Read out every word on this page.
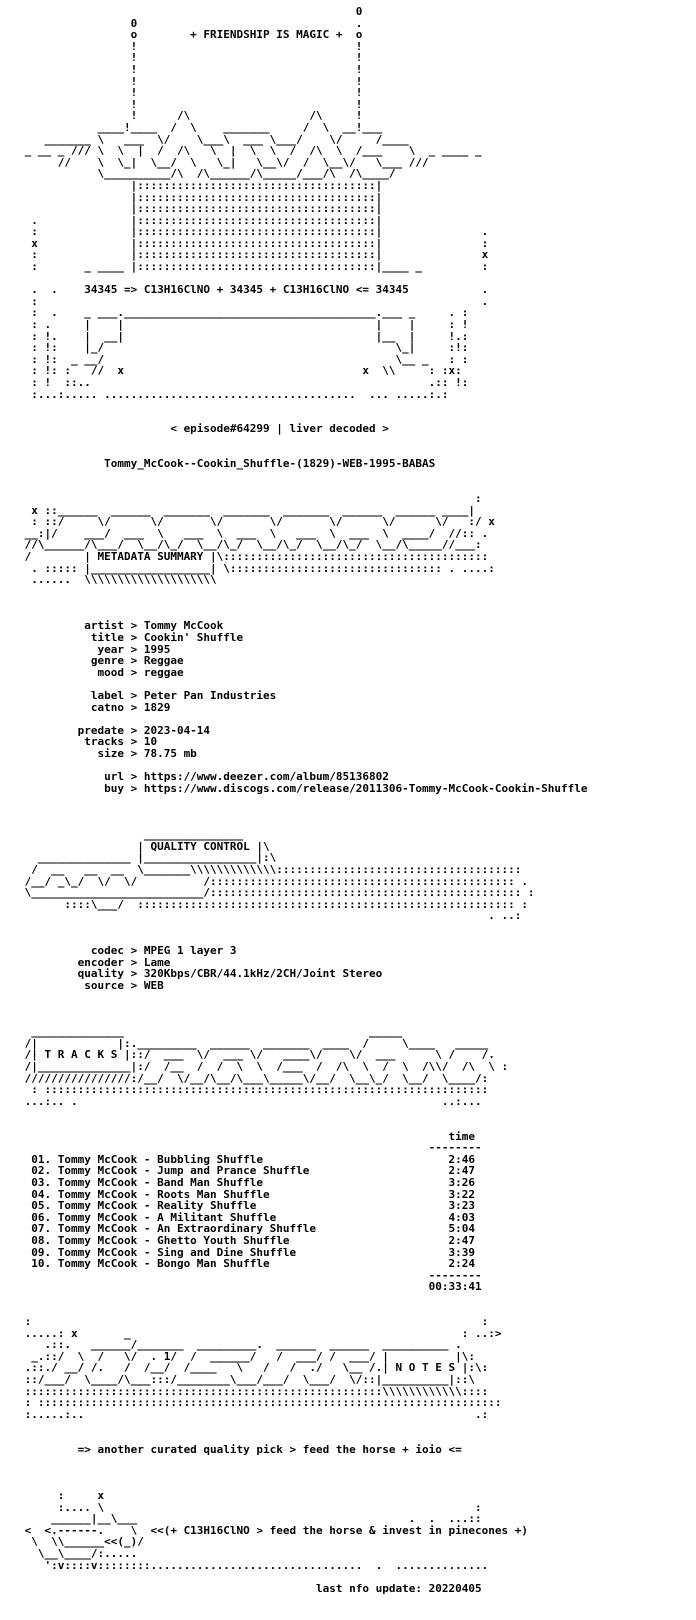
0
0                                 .
o        + FRIENDSHIP IS MAGIC +  o
!                                 !
!                                 !
!                                 !
!                                 !
!                                 !
!                                 !
!      /\                  /\     !
____!____  /  \    _______     /  \  __!___
_______ \   ___  \/    \___\  ___ \___/    \/     /____
_ __ _ /// \  \  |  /  /\   \  |  \  \  /  /\  \  /___    \  _ ____ _
//    \  \_|  \__/  \   \_|   \__\/  /  \__\/   \___ ///
\__________/\  /\______/\_____/___/\  /\____/
|::::::::::::::::::::::::::::::::::::|
|::::::::::::::::::::::::::::::::::::|
|::::::::::::::::::::::::::::::::::::|
.              |::::::::::::::::::::::::::::::::::::|
:              |::::::::::::::::::::::::::::::::::::|               .
x              |::::::::::::::::::::::::::::::::::::|               :
:              |::::::::::::::::::::::::::::::::::::|               x
:       _ ____ |::::::::::::::::::::::::::::::::::::|____ _         :
.  .    34345 => C13H16ClNO + 34345 + C13H16ClNO <= 34345           .
:                                                                   .
:  .    _ ___.______________________________________.___ _     . :
: .     |    |                                      |    |     : !
: !.    |  __|                                      |__  |     !.:
: !:    |_/                                            \_|     :!:
: !:  _ __/                                            \__ _   : :
: !: :   //  x                                    x  \\     : :x:
: !  ::..                                                   .:: !:
:...:..... ......................................  ... .....:.:
< episode#64299 | liver decoded >
Tommy_McCook--Cookin_Shuffle-(1829)-WEB-1995-BABAS
:
x ::______  ______  _______  _______  _______  ______  ______ ____|
: ::/     \/      \/       \/       \/       \/      \/      \/   :/ x
__:|/    ___/  ___  \   ___  \  ___  \   ___  \  ___  \  ____/  //:: .
//\______/\___/  \__/\_/  \__/\_/  \__/\_/  \__/\_/  \__/\_____//___:
/        | METADATA SUMMARY |\::::::::::::::::::::::::::::::::::::::::
. ::::: |__________________| \:::::::::::::::::::::::::::::::: . ....:
......  \\\\\\\\\\\\\\\\\\\\
artist > Tommy McCook
title > Cookin' Shuffle
year > 1995
genre > Reggae
mood > reggae
label > Peter Pan Industries
catno > 1829
predate > 2023-04-14
tracks > 10
size > 78.75 mb
url > https://www.deezer.com/album/85136802
buy > https://www.discogs.com/release/2011306-Tommy-McCook-Cookin-Shuffle
_______________
| QUALITY CONTROL |\
______________ |_________________|:\
/  __   __  __  \_______\\\\\\\\\\\\\:::::::::::::::::::::::::::::::::::::
/__/ _\_/  \/  \/          /:::::::::::::::::::::::::::::::::::::::::::::: .
\__________________________/::::::::::::::::::::::::::::::::::::::::::::::: :
::::\___/  ::::::::::::::::::::::::::::::::::::::::::::::::::::::::: :
. ..:
codec > MPEG 1 layer 3
encoder > Lame
quality > 320Kbps/CBR/44.1kHz/2CH/Joint Stereo
source > WEB
______________                                     _____
/|            |:._________  ______  _______  ____  /     \____   _____
/| T R A C K S |::/  ___  \/  ___ \/   ____\/    \/  ___      \ /    /.
/|______________|:/  /__  /  /  \  \  /___  /  /\  \  /  \  /\\/  /\  \ :
////////////////:/__/  \/__/\__/\___\_____\/__/  \__\_/  \__/  \____/:
: :::::::::::::::::::::::::::::::::::::::::::::::::::::::::::::::::::
...:.. .                                                       ..:...
time
--------
01. Tommy McCook - Bubbling Shuffle                            2:46
02. Tommy McCook - Jump and Prance Shuffle                     2:47
03. Tommy McCook - Band Man Shuffle                            3:26
04. Tommy McCook - Roots Man Shuffle                           3:22
05. Tommy McCook - Reality Shuffle                             3:23
06. Tommy McCook - A Militant Shuffle                          4:03
07. Tommy McCook - An Extraordinary Shuffle                    5:04
08. Tommy McCook - Ghetto Youth Shuffle                        2:47
09. Tommy McCook - Sing and Dine Shuffle                       3:39
10. Tommy McCook - Bongo Man Shuffle                           2:24
--------
00:33:41
:                                                                    :
.....: x       _                                                  : ..:>
.::.   ______/_______  _________.  ______  ______  __________ .
_.::/  \  /   \/  . 1/  /  ______/   /  ___/ /  ___/ |          |\:
.::./ __/ /.   /  /__/  /____   \   /   /  ./   \__ /.| N O T E S |:\:
::/___/  \____/\___:::/________\___/___/  \___/  \/::|__________|::\
::::::::::::::::::::::::::::::::::::::::::::::::::::::\\\\\\\\\\\\::::
: ::::::::::::::::::::::::::::::::::::::::::::::::::::::::::::::::::::::
:.....:..                                                           .:
=> another curated quality pick > feed the horse + ioio <=
:     x
:.... \                                                        :
______|__\___                                         .  .  ...::
<  <.------.    \  <<(+ C13H16ClNO > feed the horse & invest in pinecones +)
\  \\______<<(_)/
\__\____/:.....
':v::::v::::::::................................  .  ..............
last nfo update: 20220405
